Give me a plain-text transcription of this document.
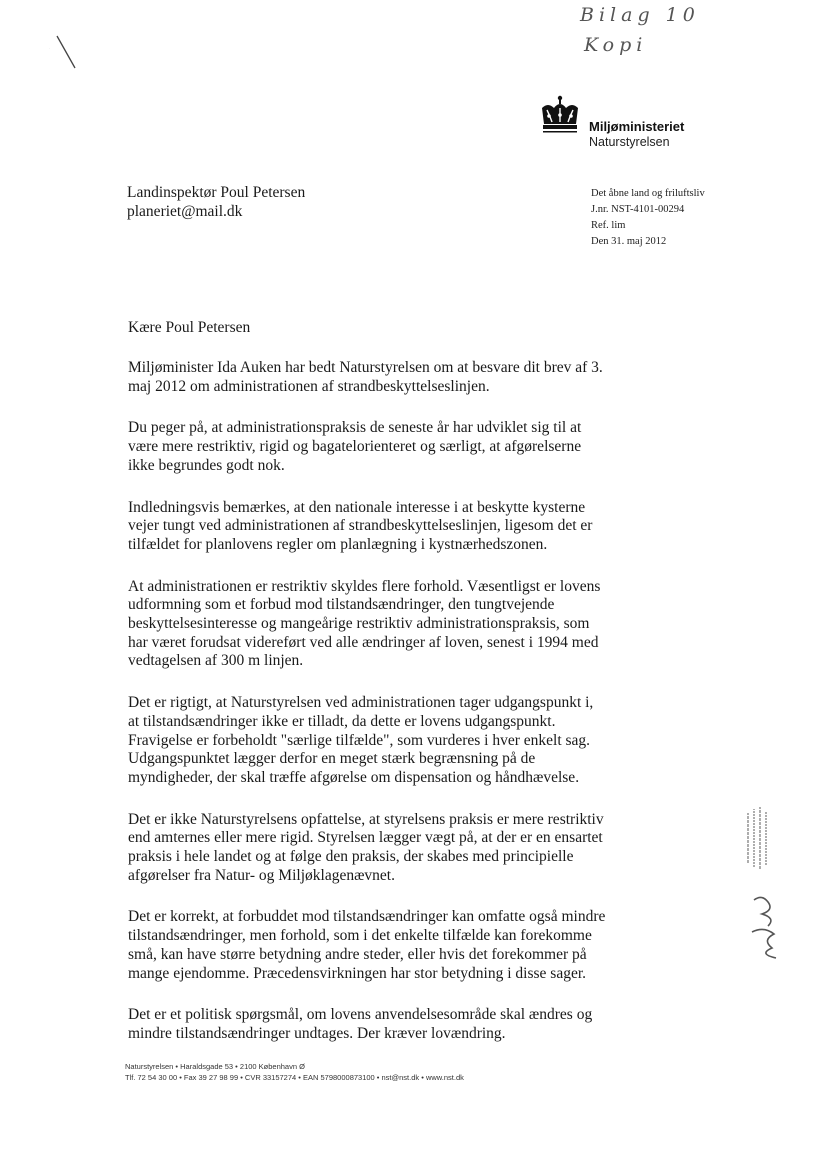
Bilag 10
Kopi
Miljøministeriet
Naturstyrelsen
Landinspektør Poul Petersen
planeriet@mail.dk
Det åbne land og friluftsliv
J.nr. NST-4101-00294
Ref. lim
Den 31. maj 2012
Kære Poul Petersen

Miljøminister Ida Auken har bedt Naturstyrelsen om at besvare dit brev af 3. maj 2012 om administrationen af strandbeskyttelseslinjen.

Du peger på, at administrationspraksis de seneste år har udviklet sig til at være mere restriktiv, rigid og bagatelorienteret og særligt, at afgørelserne ikke begrundes godt nok.

Indledningsvis bemærkes, at den nationale interesse i at beskytte kysterne vejer tungt ved administrationen af strandbeskyttelseslinjen, ligesom det er tilfældet for planlovens regler om planlægning i kystnærhedszonen.

At administrationen er restriktiv skyldes flere forhold. Væsentligst er lovens udformning som et forbud mod tilstandsændringer, den tungtvejende beskyttelsesinteresse og mangeårige restriktiv administrationspraksis, som har været forudsat videreført ved alle ændringer af loven, senest i 1994 med vedtagelsen af 300 m linjen.

Det er rigtigt, at Naturstyrelsen ved administrationen tager udgangspunkt i, at tilstandsændringer ikke er tilladt, da dette er lovens udgangspunkt. Fravigelse er forbeholdt "særlige tilfælde", som vurderes i hver enkelt sag. Udgangspunktet lægger derfor en meget stærk begrænsning på de myndigheder, der skal træffe afgørelse om dispensation og håndhævelse.

Det er ikke Naturstyrelsens opfattelse, at styrelsens praksis er mere restriktiv end amternes eller mere rigid. Styrelsen lægger vægt på, at der er en ensartet praksis i hele landet og at følge den praksis, der skabes med principielle afgørelser fra Natur- og Miljøklagenævnet.

Det er korrekt, at forbuddet mod tilstandsændringer kan omfatte også mindre tilstandsændringer, men forhold, som i det enkelte tilfælde kan forekomme små, kan have større betydning andre steder, eller hvis det forekommer på mange ejendomme. Præcedensvirkningen har stor betydning i disse sager.

Det er et politisk spørgsmål, om lovens anvendelsesområde skal ændres og mindre tilstandsændringer undtages. Der kræver lovændring.

Naturstyrelsen • Haraldsgade 53 • 2100 København Ø
Tlf. 72 54 30 00 • Fax 39 27 98 99 • CVR 33157274 • EAN 5798000873100 • nst@nst.dk • www.nst.dk
